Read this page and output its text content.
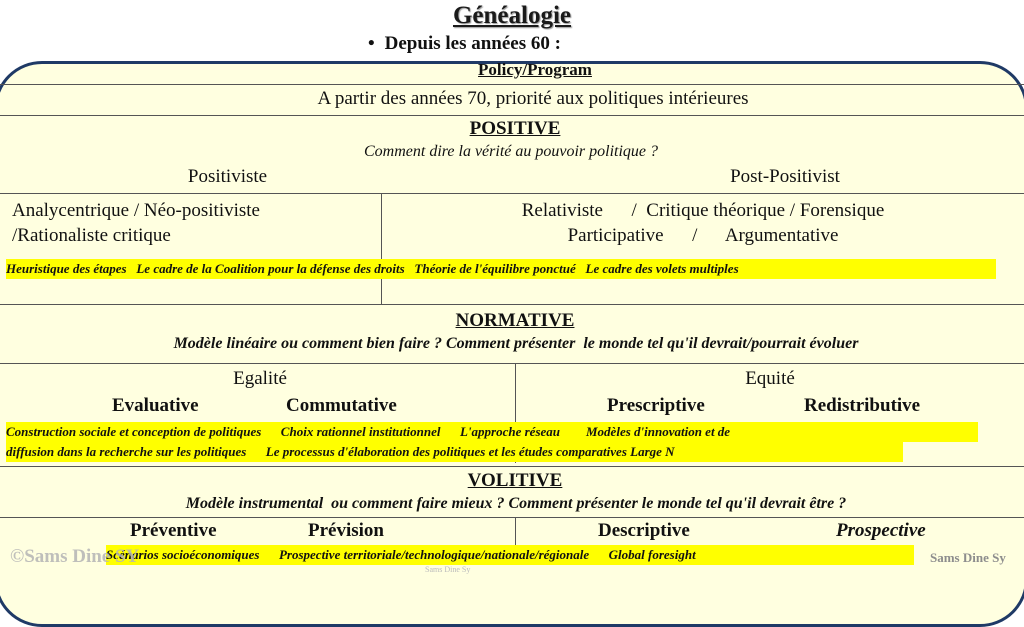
Généalogie
• Depuis les années 60 :
Policy/Program
A partir des années 70, priorité aux politiques intérieures
POSITIVE
Comment dire la vérité au pouvoir politique ?
Positiviste	Post-Positivist
Analycentrique / Néo-positiviste
/Rationaliste critique
Relativiste      /  Critique théorique / Forensique
Participative      /      Argumentative
Heuristique des étapes   Le cadre de la Coalition pour la défense des droits   Théorie de l'équilibre ponctué   Le cadre des volets multiples
NORMATIVE
Modèle linéaire ou comment bien faire ? Comment présenter  le monde tel qu'il devrait/pourrait évoluer
Egalité	Equité
Evaluative	Commutative	Prescriptive	Redistributive
Construction sociale et conception de politiques      Choix rationnel institutionnel      L'approche réseau        Modèles d'innovation et de
diffusion dans la recherche sur les politiques      Le processus d'élaboration des politiques et les études comparatives Large N
VOLITIVE
Modèle instrumental  ou comment faire mieux ? Comment présenter le monde tel qu'il devrait être ?
Préventive	Prévision	Descriptive	Prospective
Scénarios socioéconomiques      Prospective territoriale/technologique/nationale/régionale      Global foresight
©Sams Dine SY	Sams Dine Sy
Sams Dine Sy
